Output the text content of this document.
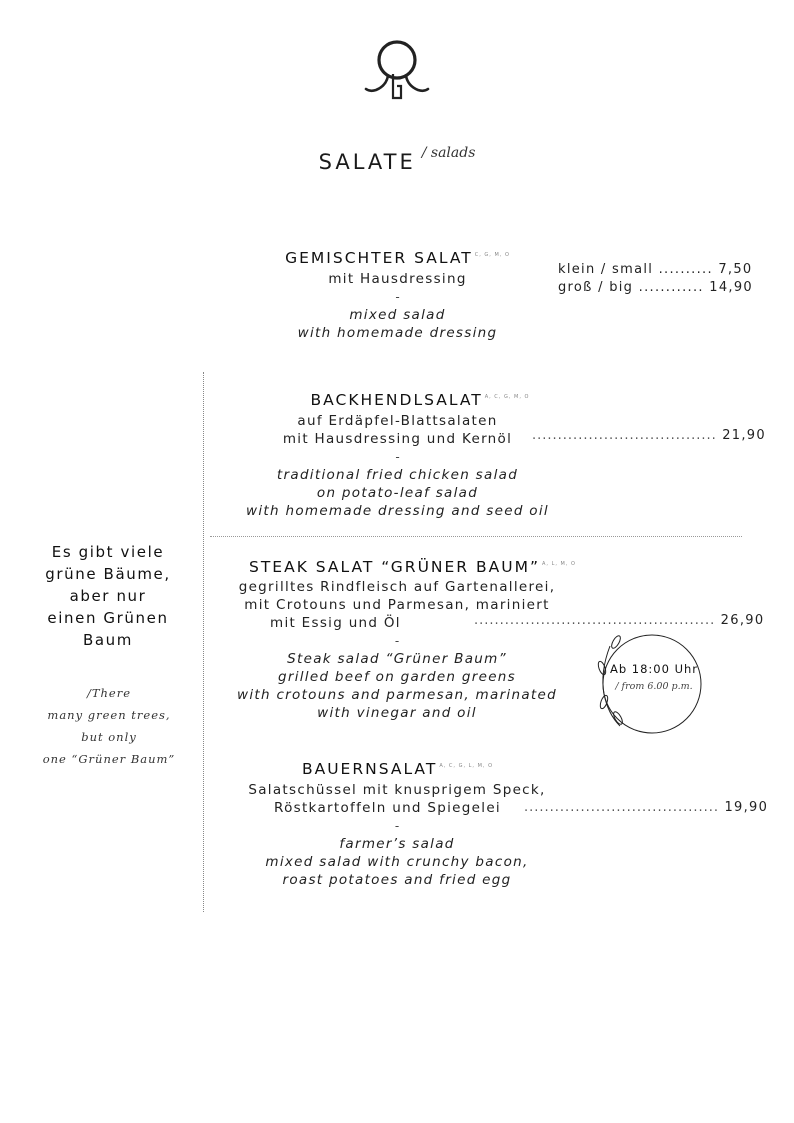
SALATE / salads
GEMISCHTER SALAT $^{C, G, M, O}$
mit Hausdressing
-
mixed salad
with homemade dressing
klein / small .......... 7,50
groß / big ............ 14,90
BACKHENDLSALAT $^{A, C, G, M, O}$
auf Erdäpfel-Blattsalaten
mit Hausdressing und Kernöl
-
traditional fried chicken salad
on potato-leaf salad
with homemade dressing and seed oil
.................................... 21,90
Es gibt viele
grüne Bäume,
aber nur
einen Grünen
Baum
/There
many green trees,
but only
one “Grüner Baum”
STEAK SALAT “GRÜNER BAUM” $^{A, L, M, O}$
gegrilltes Rindfleisch auf Gartenallerei,
mit Crotouns und Parmesan, mariniert
mit Essig und Öl
-
Steak salad “Grüner Baum”
grilled beef on garden greens
with crotouns and parmesan, marinated
with vinegar and oil
............................................... 26,90
Ab 18:00 Uhr
/ from 6.00 p.m.
BAUERNSALAT $^{A, C, G, L, M, O}$
Salatschüssel mit knusprigem Speck,
Röstkartoffeln und Spiegelei
-
farmer’s salad
mixed salad with crunchy bacon,
roast potatoes and fried egg
...................................... 19,90
